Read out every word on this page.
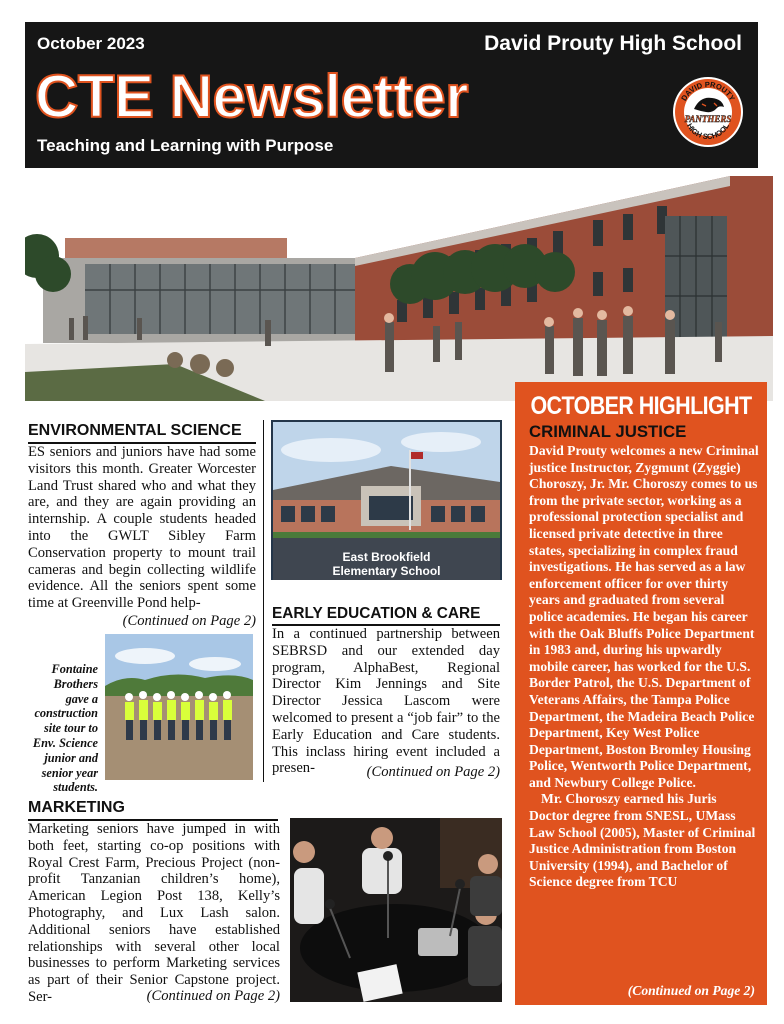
October 2023	David Prouty High School
CTE Newsletter
Teaching and Learning with Purpose
DAVID PROUTY
HIGH SCHOOL
PANTHERS
ENVIRONMENTAL SCIENCE
ES seniors and juniors have had some visitors this month. Greater Worcester Land Trust shared who and what they are, and they are again providing an internship. A couple students headed into the GWLT Sibley Farm Conservation property to mount trail cameras and begin collecting wildlife evidence. All the seniors spent some time at Greenville Pond help-
(Continued on Page 2)
Fontaine Brothers gave a construction site tour to Env. Science junior and senior year students.
East Brookfield
Elementary School
EARLY EDUCATION & CARE
In a continued partnership between SEBRSD and our extended day program, AlphaBest, Regional Director Kim Jennings and Site Director Jessica Lascom were welcomed to present a “job fair” to the Early Education and Care students. This inclass hiring event included a presen-	(Continued on Page 2)
MARKETING
Marketing seniors have jumped in with both feet, starting co-op positions with Royal Crest Farm, Precious Project (non-profit Tanzanian children’s home), American Legion Post 138, Kelly’s Photography, and Lux Lash salon. Additional seniors have established relationships with several other local businesses to perform Marketing services as part of their Senior Capstone project. Ser-	(Continued on Page 2)
OCTOBER HIGHLIGHT
CRIMINAL JUSTICE

David Prouty welcomes a new Criminal justice Instructor, Zygmunt (Zyggie) Choroszy, Jr. Mr. Choroszy comes to us from the private sector, working as a professional protection specialist and licensed private detective in three states, specializing in complex fraud investigations. He has served as a law enforcement officer for over thirty years and graduated from several police academies. He began his career with the Oak Bluffs Police Department in 1983 and, during his upwardly mobile career, has worked for the U.S. Border Patrol, the U.S. Department of Veterans Affairs, the Tampa Police Department, the Madeira Beach Police Department, Key West Police Department, Boston Bromley Housing Police, Wentworth Police Department, and Newbury College Police.

Mr. Choroszy earned his Juris Doctor degree from SNESL, UMass Law School (2005), Master of Criminal Justice Administration from Boston University (1994), and Bachelor of Science degree from TCU

(Continued on Page 2)
